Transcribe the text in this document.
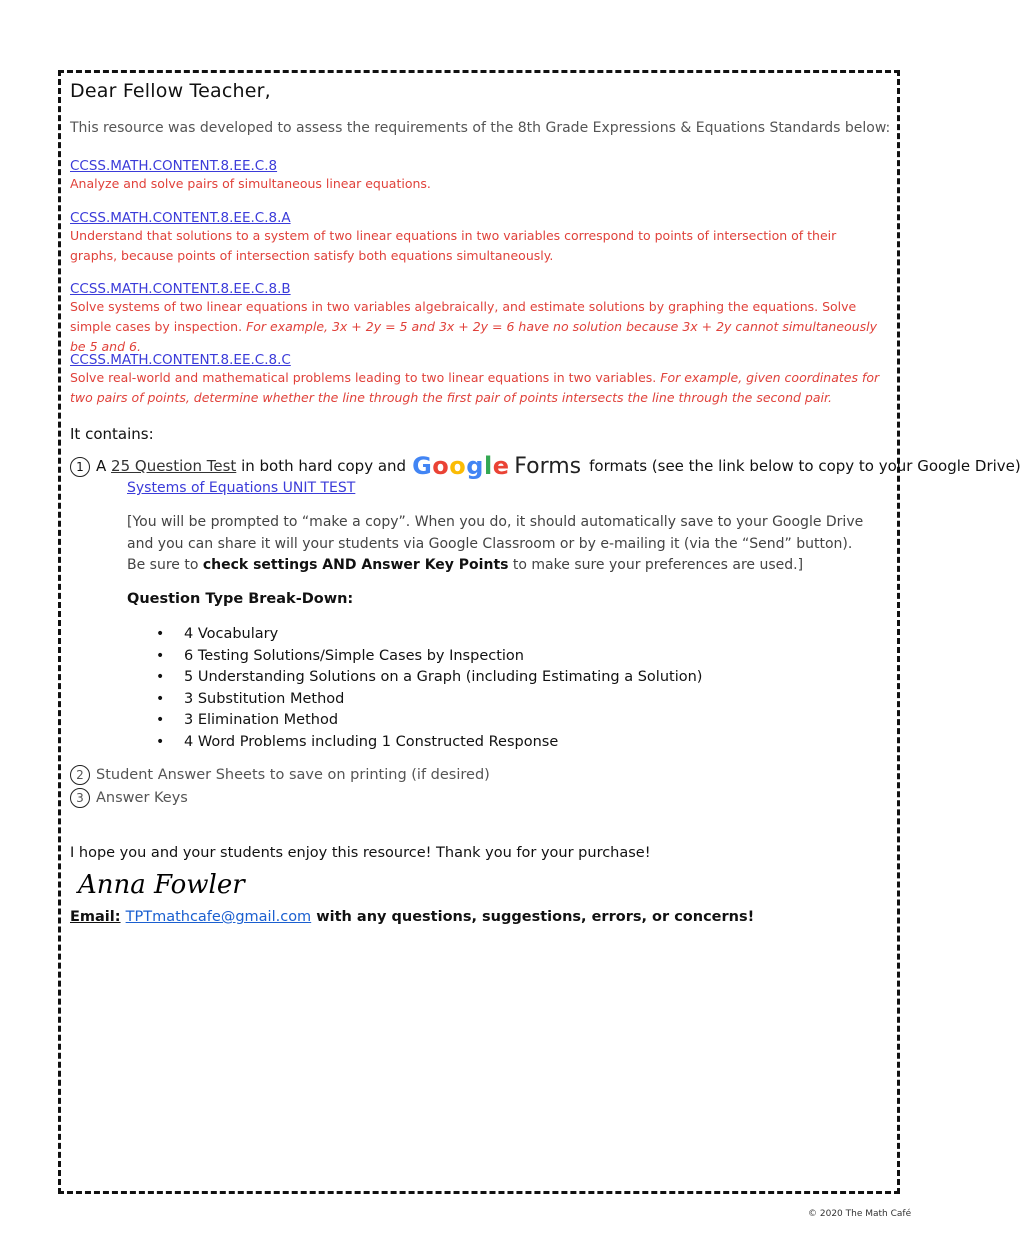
Dear Fellow Teacher,
This resource was developed to assess the requirements of the 8th Grade Expressions & Equations Standards below:
CCSS.MATH.CONTENT.8.EE.C.8
Analyze and solve pairs of simultaneous linear equations.
CCSS.MATH.CONTENT.8.EE.C.8.A
Understand that solutions to a system of two linear equations in two variables correspond to points of intersection of their graphs, because points of intersection satisfy both equations simultaneously.
CCSS.MATH.CONTENT.8.EE.C.8.B
Solve systems of two linear equations in two variables algebraically, and estimate solutions by graphing the equations. Solve simple cases by inspection. For example, 3x + 2y = 5 and 3x + 2y = 6 have no solution because 3x + 2y cannot simultaneously be 5 and 6.
CCSS.MATH.CONTENT.8.EE.C.8.C
Solve real-world and mathematical problems leading to two linear equations in two variables. For example, given coordinates for two pairs of points, determine whether the line through the first pair of points intersects the line through the second pair.
It contains:
1 A 25 Question Test in both hard copy and Google Forms formats (see the link below to copy to your Google Drive)
Systems of Equations UNIT TEST
[You will be prompted to “make a copy”. When you do, it should automatically save to your Google Drive and you can share it will your students via Google Classroom or by e-mailing it (via the “Send” button). Be sure to check settings AND Answer Key Points to make sure your preferences are used.]
Question Type Break-Down:
• 4 Vocabulary
• 6 Testing Solutions/Simple Cases by Inspection
• 5 Understanding Solutions on a Graph (including Estimating a Solution)
• 3 Substitution Method
• 3 Elimination Method
• 4 Word Problems including 1 Constructed Response
2 Student Answer Sheets to save on printing (if desired)
3 Answer Keys
I hope you and your students enjoy this resource! Thank you for your purchase!
Anna Fowler
Email: TPTmathcafe@gmail.com with any questions, suggestions, errors, or concerns!
© 2020 The Math Café
